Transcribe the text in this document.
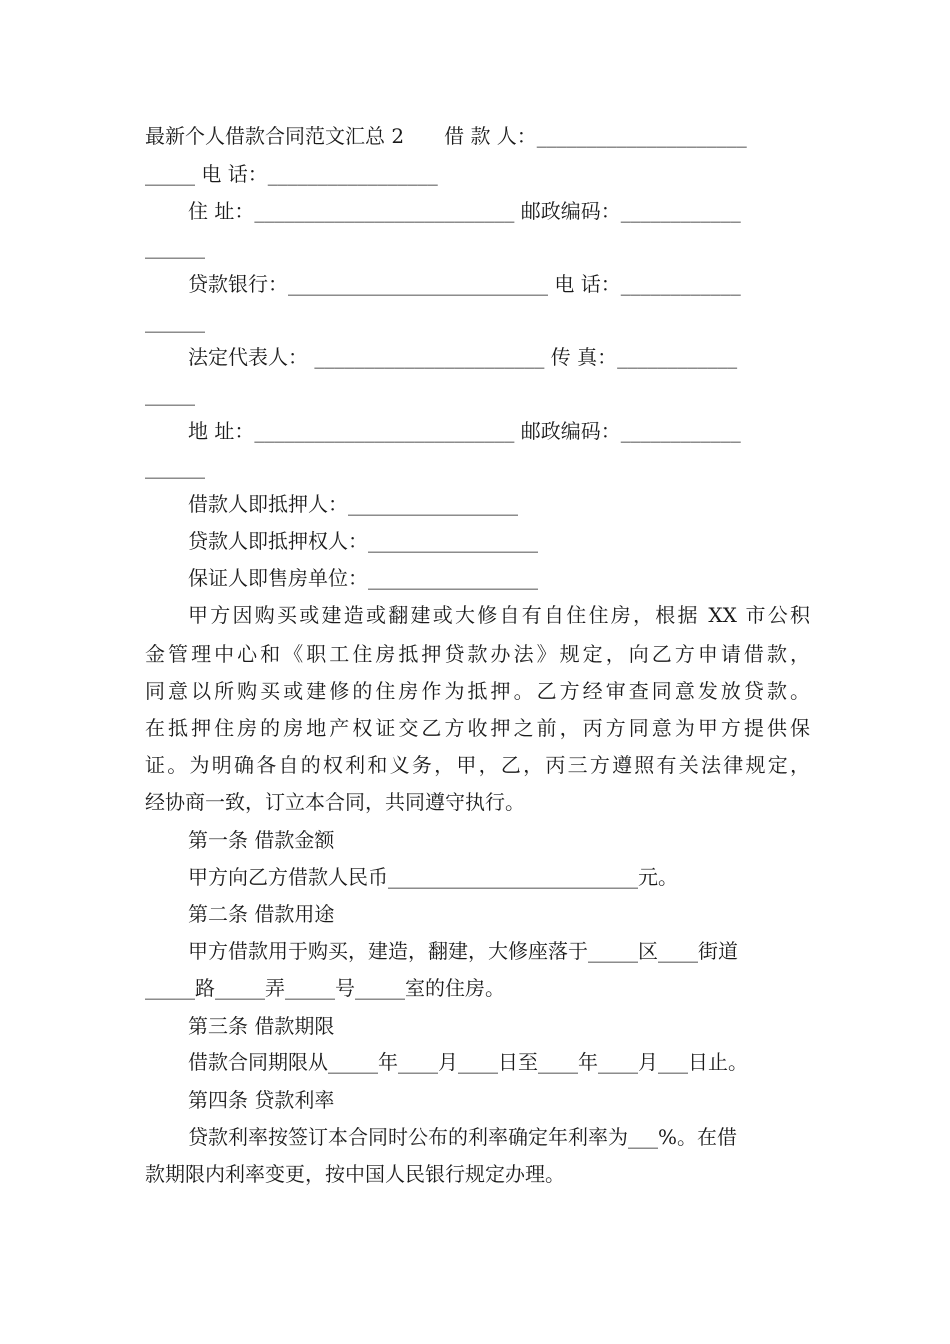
最新个人借款合同范文汇总 2　　借 款 人：_____________________
_____ 电 话：_________________
住 址：__________________________ 邮政编码：____________
______
贷款银行：__________________________ 电 话：____________
______
法定代表人： _______________________ 传 真：____________
_____
地 址：__________________________ 邮政编码：____________
______
借款人即抵押人：_________________
贷款人即抵押权人：_________________
保证人即售房单位：_________________
甲方因购买或建造或翻建或大修自有自住住房，根据 XX 市公积
金管理中心和《职工住房抵押贷款办法》规定，向乙方申请借款，
同意以所购买或建修的住房作为抵押。乙方经审查同意发放贷款。
在抵押住房的房地产权证交乙方收押之前，丙方同意为甲方提供保
证。为明确各自的权利和义务，甲，乙，丙三方遵照有关法律规定，
经协商一致，订立本合同，共同遵守执行。
第一条 借款金额
甲方向乙方借款人民币_________________________元。
第二条 借款用途
甲方借款用于购买，建造，翻建，大修座落于_____区____街道
_____路_____弄_____号_____室的住房。
第三条 借款期限
借款合同期限从_____年____月____日至____年____月___日止。
第四条 贷款利率
贷款利率按签订本合同时公布的利率确定年利率为___%。在借
款期限内利率变更，按中国人民银行规定办理。
